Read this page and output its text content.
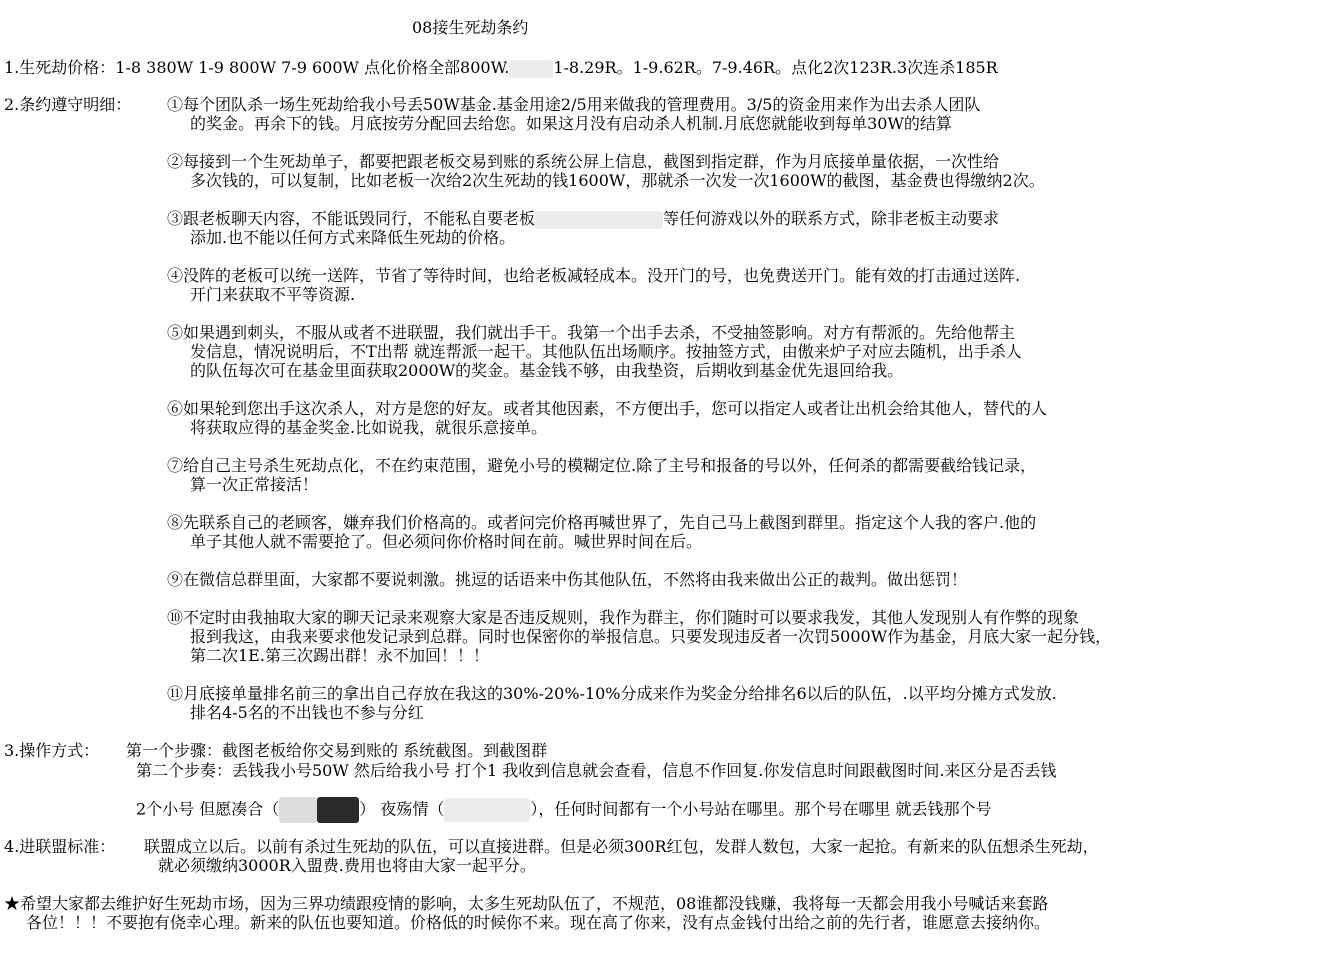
08接生死劫条约
1.生死劫价格：1-8 380W 1-9 800W 7-9 600W 点化价格全部800W.	1-8.29R。1-9.62R。7-9.46R。点化2次123R.3次连杀185R
2.条约遵守明细： ①每个团队杀一场生死劫给我小号丢50W基金.基金用途2/5用来做我的管理费用。3/5的资金用来作为出去杀人团队
的奖金。再余下的钱。月底按劳分配回去给您。如果这月没有启动杀人机制.月底您就能收到每单30W的结算
②每接到一个生死劫单子，都要把跟老板交易到账的系统公屏上信息，截图到指定群，作为月底接单量依据，一次性给
多次钱的，可以复制，比如老板一次给2次生死劫的钱1600W，那就杀一次发一次1600W的截图，基金费也得缴纳2次。
③跟老板聊天内容，不能诋毁同行，不能私自要老板	等任何游戏以外的联系方式，除非老板主动要求
添加.也不能以任何方式来降低生死劫的价格。
④没阵的老板可以统一送阵，节省了等待时间，也给老板减轻成本。没开门的号，也免费送开门。能有效的打击通过送阵.
开门来获取不平等资源.
⑤如果遇到刺头，不服从或者不进联盟，我们就出手干。我第一个出手去杀，不受抽签影响。对方有帮派的。先给他帮主
发信息，情况说明后，不T出帮 就连帮派一起干。其他队伍出场顺序。按抽签方式，由傲来炉子对应去随机，出手杀人
的队伍每次可在基金里面获取2000W的奖金。基金钱不够，由我垫资，后期收到基金优先退回给我。
⑥如果轮到您出手这次杀人，对方是您的好友。或者其他因素，不方便出手，您可以指定人或者让出机会给其他人，替代的人
将获取应得的基金奖金.比如说我，就很乐意接单。
⑦给自己主号杀生死劫点化，不在约束范围，避免小号的模糊定位.除了主号和报备的号以外，任何杀的都需要截给钱记录，
算一次正常接活！
⑧先联系自己的老顾客，嫌弃我们价格高的。或者问完价格再喊世界了，先自己马上截图到群里。指定这个人我的客户.他的
单子其他人就不需要抢了。但必须问你价格时间在前。喊世界时间在后。
⑨在微信总群里面，大家都不要说刺激。挑逗的话语来中伤其他队伍，不然将由我来做出公正的裁判。做出惩罚！
⑩不定时由我抽取大家的聊天记录来观察大家是否违反规则，我作为群主，你们随时可以要求我发，其他人发现别人有作弊的现象
报到我这，由我来要求他发记录到总群。同时也保密你的举报信息。只要发现违反者一次罚5000W作为基金，月底大家一起分钱，
第二次1E.第三次踢出群！永不加回！！！
⑪月底接单量排名前三的拿出自己存放在我这的30%-20%-10%分成来作为奖金分给排名6以后的队伍，.以平均分摊方式发放.
排名4-5名的不出钱也不参与分红
3.操作方式： 第一个步骤：截图老板给你交易到账的 系统截图。到截图群
第二个步奏：丢钱我小号50W 然后给我小号 打个1 我收到信息就会查看，信息不作回复.你发信息时间跟截图时间.来区分是否丢钱
2个小号 但愿凑合（	） 夜殇情（	），任何时间都有一个小号站在哪里。那个号在哪里 就丢钱那个号
4.进联盟标准： 联盟成立以后。以前有杀过生死劫的队伍，可以直接进群。但是必须300R红包，发群人数包，大家一起抢。有新来的队伍想杀生死劫，
就必须缴纳3000R入盟费.费用也将由大家一起平分。
★希望大家都去维护好生死劫市场，因为三界功绩跟疫情的影响，太多生死劫队伍了，不规范，08谁都没钱赚，我将每一天都会用我小号喊话来套路
各位！！！不要抱有侥幸心理。新来的队伍也要知道。价格低的时候你不来。现在高了你来，没有点金钱付出给之前的先行者，谁愿意去接纳你。
